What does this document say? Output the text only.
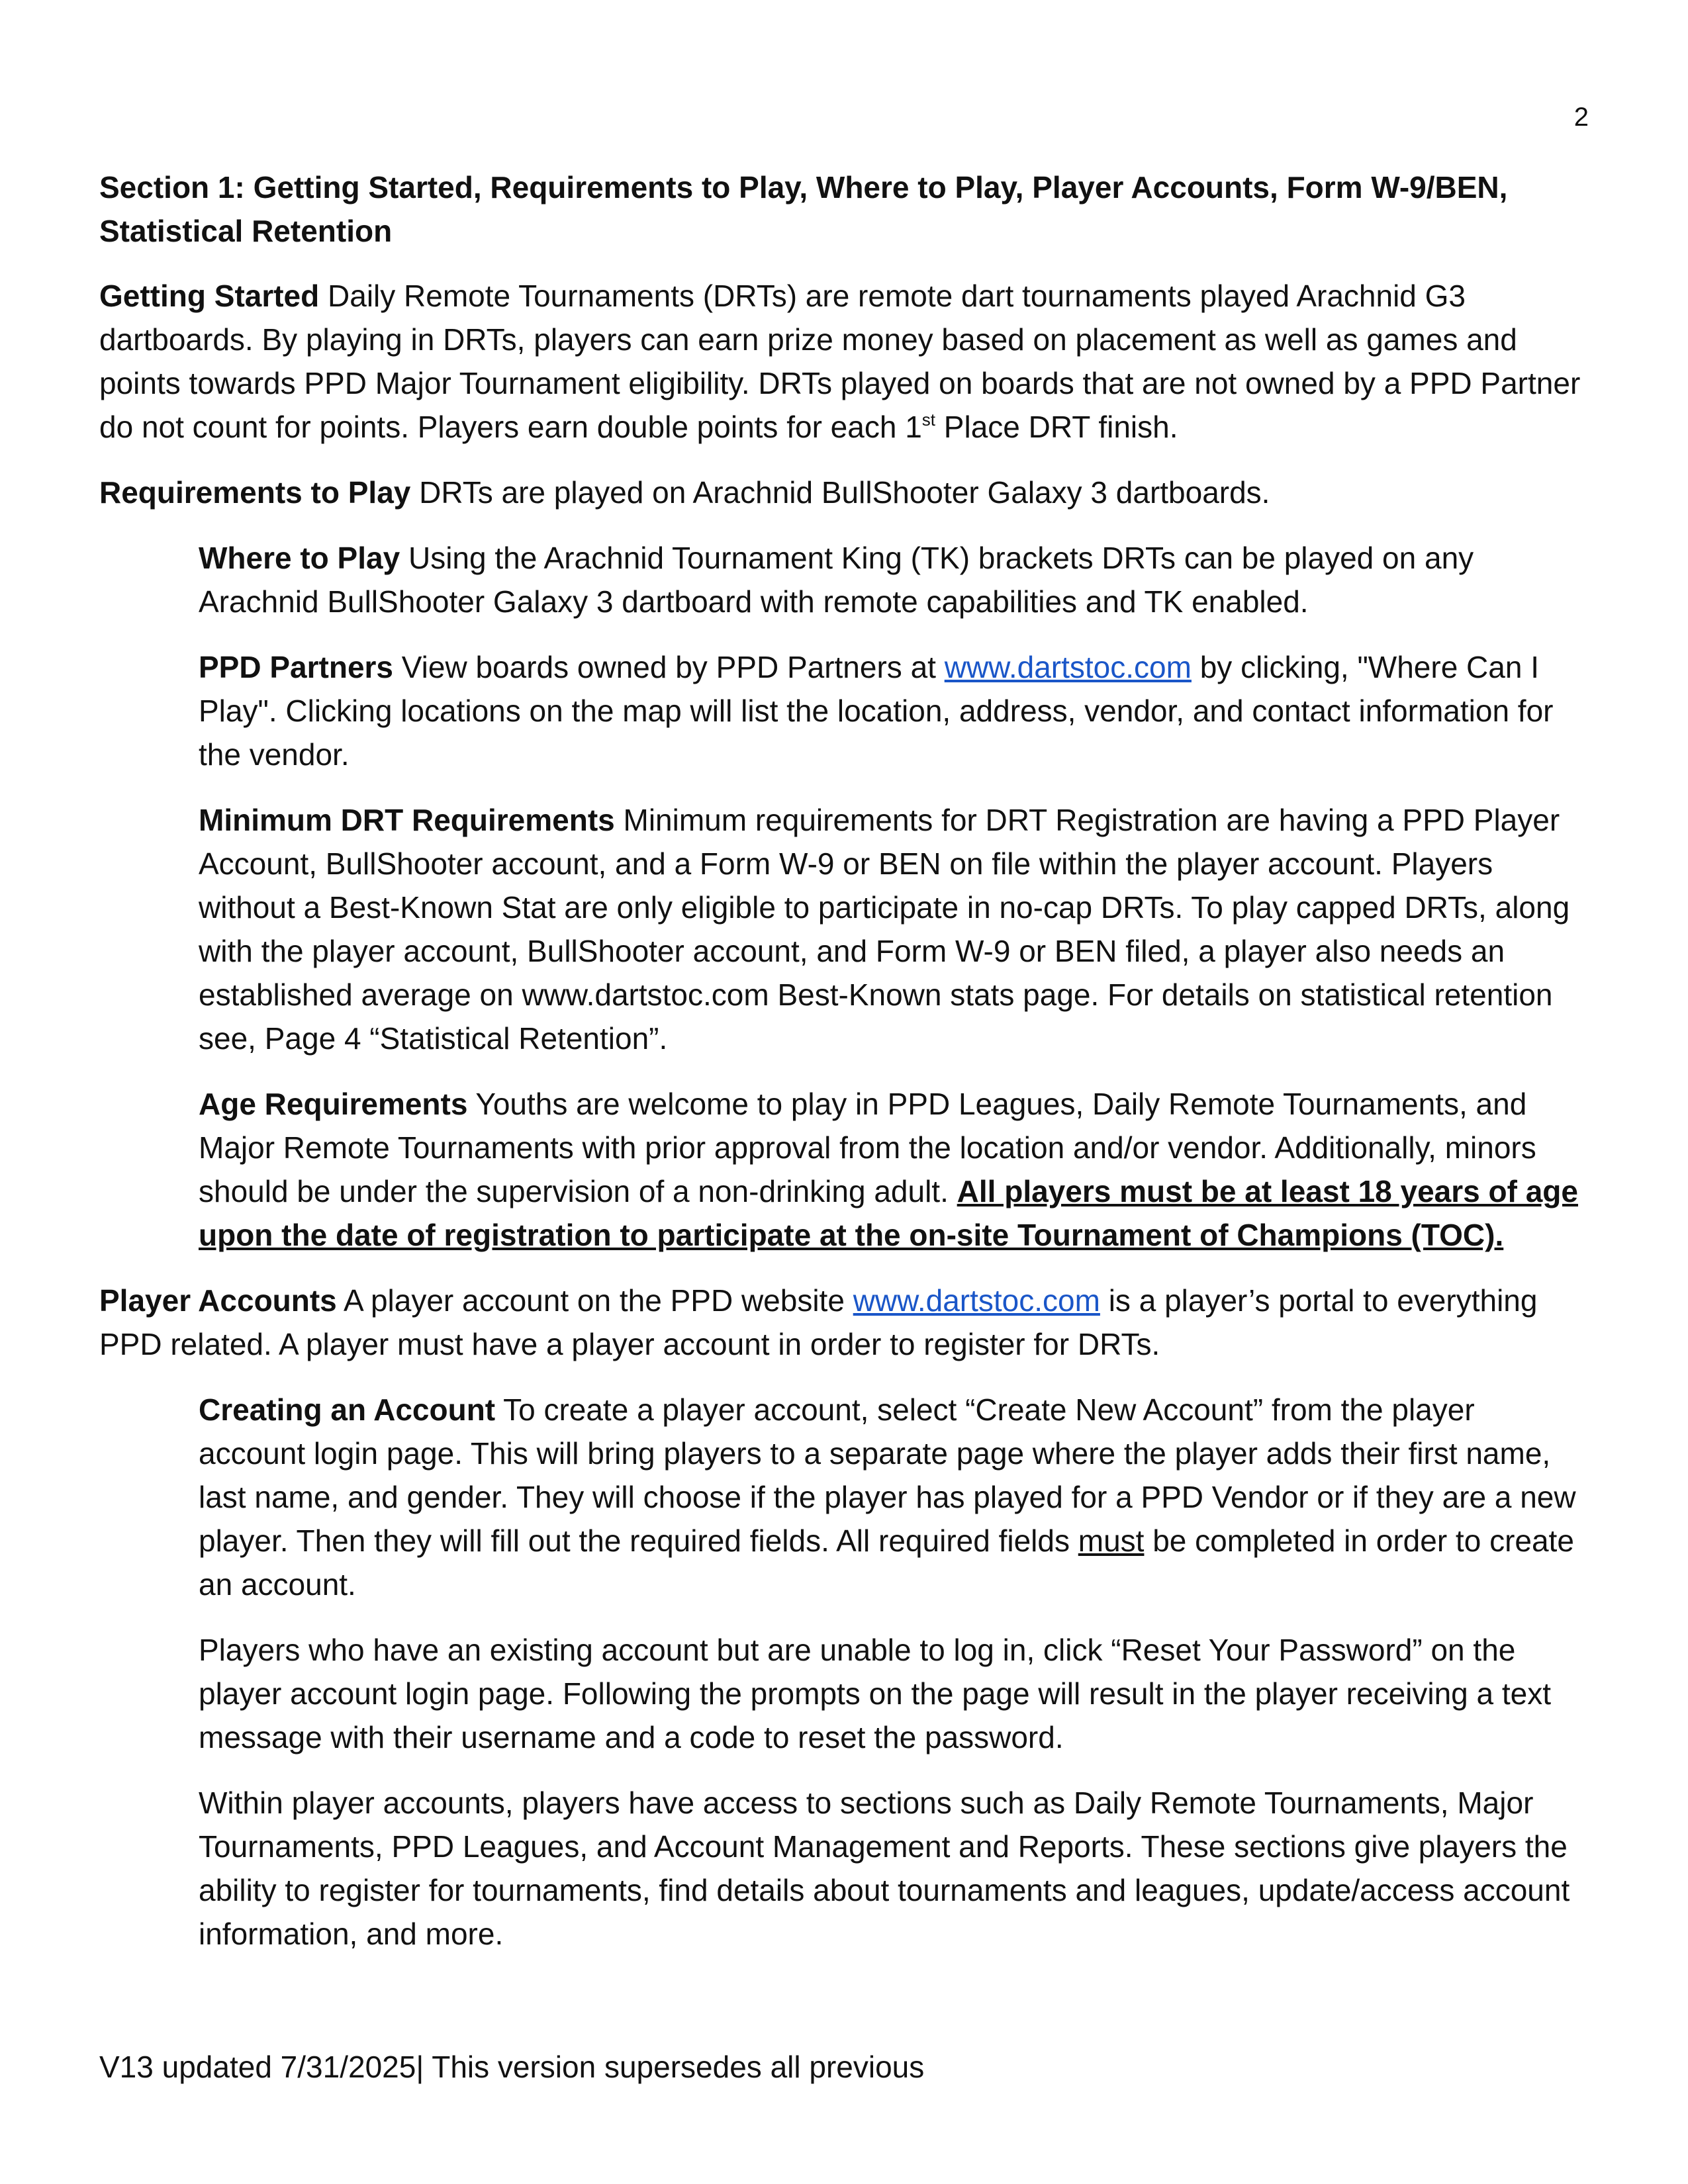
2
Section 1: Getting Started, Requirements to Play, Where to Play, Player Accounts, Form W-9/BEN, Statistical Retention

Getting Started Daily Remote Tournaments (DRTs) are remote dart tournaments played Arachnid G3 dartboards. By playing in DRTs, players can earn prize money based on placement as well as games and points towards PPD Major Tournament eligibility. DRTs played on boards that are not owned by a PPD Partner do not count for points. Players earn double points for each 1st Place DRT finish.

Requirements to Play DRTs are played on Arachnid BullShooter Galaxy 3 dartboards.

Where to Play Using the Arachnid Tournament King (TK) brackets DRTs can be played on any Arachnid BullShooter Galaxy 3 dartboard with remote capabilities and TK enabled.

PPD Partners View boards owned by PPD Partners at www.dartstoc.com by clicking, "Where Can I Play". Clicking locations on the map will list the location, address, vendor, and contact information for the vendor.

Minimum DRT Requirements Minimum requirements for DRT Registration are having a PPD Player Account, BullShooter account, and a Form W-9 or BEN on file within the player account. Players without a Best-Known Stat are only eligible to participate in no-cap DRTs. To play capped DRTs, along with the player account, BullShooter account, and Form W-9 or BEN filed, a player also needs an established average on www.dartstoc.com Best-Known stats page. For details on statistical retention see, Page 4 “Statistical Retention”.

Age Requirements Youths are welcome to play in PPD Leagues, Daily Remote Tournaments, and Major Remote Tournaments with prior approval from the location and/or vendor. Additionally, minors should be under the supervision of a non-drinking adult. All players must be at least 18 years of age upon the date of registration to participate at the on-site Tournament of Champions (TOC).

Player Accounts A player account on the PPD website www.dartstoc.com is a player’s portal to everything PPD related. A player must have a player account in order to register for DRTs.

Creating an Account To create a player account, select “Create New Account” from the player account login page. This will bring players to a separate page where the player adds their first name, last name, and gender. They will choose if the player has played for a PPD Vendor or if they are a new player. Then they will fill out the required fields. All required fields must be completed in order to create an account.

Players who have an existing account but are unable to log in, click “Reset Your Password” on the player account login page. Following the prompts on the page will result in the player receiving a text message with their username and a code to reset the password.

Within player accounts, players have access to sections such as Daily Remote Tournaments, Major Tournaments, PPD Leagues, and Account Management and Reports. These sections give players the ability to register for tournaments, find details about tournaments and leagues, update/access account information, and more.

V13 updated 7/31/2025| This version supersedes all previous
